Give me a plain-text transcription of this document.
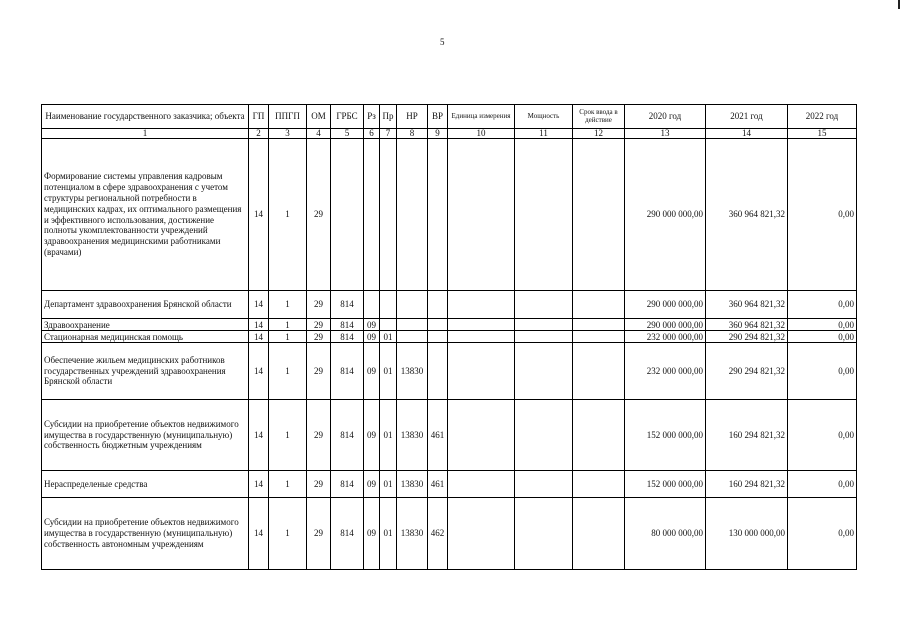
5
Наименование государственного заказчика; объекта	ГП	ППГП	ОМ	ГРБС	Рз	Пр	НР	ВР	Единица измерения	Мощность	Срок ввода в действие	2020 год	2021 год	2022 год
1	2	3	4	5	6	7	8	9	10	11	12	13	14	15
Формирование системы управления кадровым потенциалом в сфере здравоохранения с учетом структуры региональной потребности в медицинских кадрах, их оптимального размещения и эффективного использования, достижение полноты укомплектованности учреждений здравоохранения медицинскими работниками (врачами)	14	1	29									290 000 000,00	360 964 821,32	0,00
Департамент здравоохранения Брянской области	14	1	29	814								290 000 000,00	360 964 821,32	0,00
Здравоохранение	14	1	29	814	09							290 000 000,00	360 964 821,32	0,00
Стационарная медицинская помощь	14	1	29	814	09	01						232 000 000,00	290 294 821,32	0,00
Обеспечение жильем медицинских работников государственных учреждений здравоохранения Брянской области	14	1	29	814	09	01	13830					232 000 000,00	290 294 821,32	0,00
Субсидии на приобретение объектов недвижимого имущества в государственную (муниципальную) собственность бюджетным учреждениям	14	1	29	814	09	01	13830	461				152 000 000,00	160 294 821,32	0,00
Нераспределеные средства	14	1	29	814	09	01	13830	461				152 000 000,00	160 294 821,32	0,00
Субсидии на приобретение объектов недвижимого имущества в государственную (муниципальную) собственность автономным учреждениям	14	1	29	814	09	01	13830	462				80 000 000,00	130 000 000,00	0,00
